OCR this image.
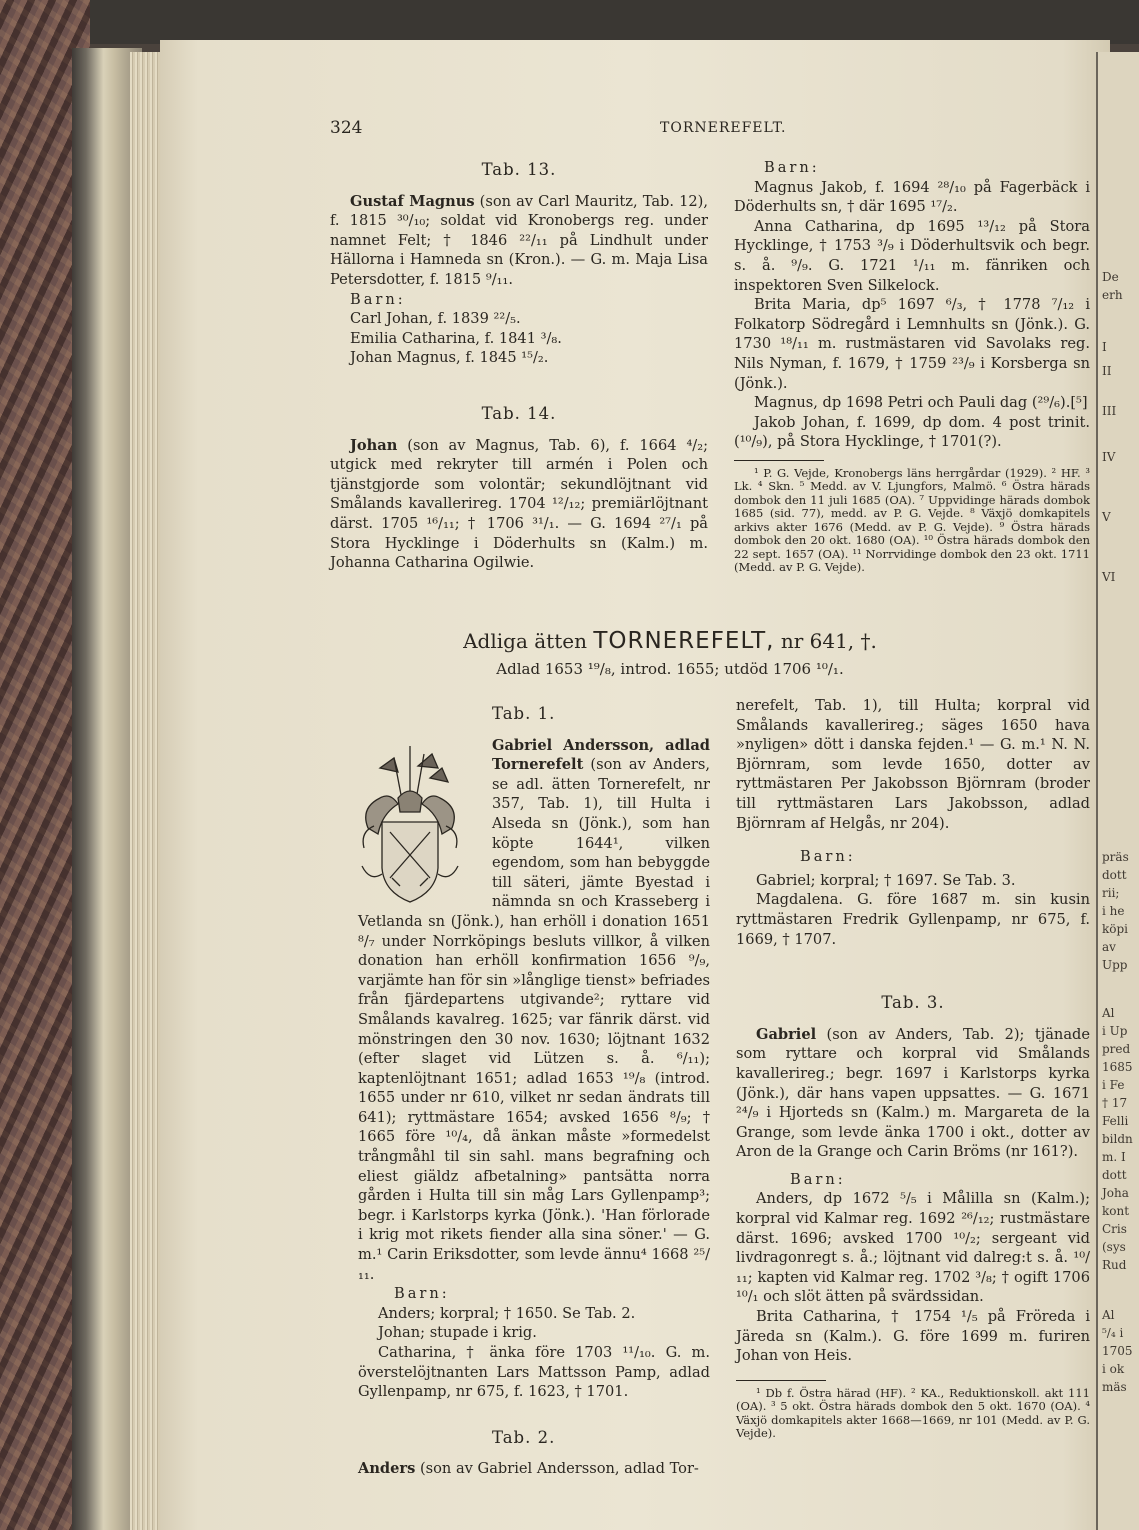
De
erh
I
II
III
IV
V
VI
präs
dott
rii;
i he
köpi
av
Upp
Al
i Up
pred
1685
i Fe
† 17
Felli
bildn
m. I
dott
Joha
kont
Cris
(sys
Rud
Al
⁵/₄ i
1705
i ok
mäs
324	TORNEREFELT.

Tab. 13.

Gustaf Magnus (son av Carl Mauritz, Tab. 12), f. 1815 ³⁰/₁₀; soldat vid Kronobergs reg. under namnet Felt; † 1846 ²²/₁₁ på Lindhult under Hällorna i Hamneda sn (Kron.). — G. m. Maja Lisa Petersdotter, f. 1815 ⁹/₁₁.

Barn:

Carl Johan, f. 1839 ²²/₅.

Emilia Catharina, f. 1841 ³/₈.

Johan Magnus, f. 1845 ¹⁵/₂.

Tab. 14.

Johan (son av Magnus, Tab. 6), f. 1664 ⁴/₂; utgick med rekryter till armén i Polen och tjänstgjorde som volontär; sekundlöjtnant vid Smålands kavallerireg. 1704 ¹²/₁₂; premiärlöjtnant därst. 1705 ¹⁶/₁₁; † 1706 ³¹/₁. — G. 1694 ²⁷/₁ på Stora Hycklinge i Döderhults sn (Kalm.) m. Johanna Catharina Ogilwie.

Barn:

Magnus Jakob, f. 1694 ²⁸/₁₀ på Fagerbäck i Döderhults sn, † där 1695 ¹⁷/₂.

Anna Catharina, dp 1695 ¹³/₁₂ på Stora Hycklinge, † 1753 ³/₉ i Döderhultsvik och begr. s. å. ⁹/₉. G. 1721 ¹/₁₁ m. fänriken och inspektoren Sven Silkelock.

Brita Maria, dp⁵ 1697 ⁶/₃, † 1778 ⁷/₁₂ i Folkatorp Södregård i Lemnhults sn (Jönk.). G. 1730 ¹⁸/₁₁ m. rustmästaren vid Savolaks reg. Nils Nyman, f. 1679, † 1759 ²³/₉ i Korsberga sn (Jönk.).

Magnus, dp 1698 Petri och Pauli dag (²⁹/₆).[⁵]

Jakob Johan, f. 1699, dp dom. 4 post trinit. (¹⁰/₉), på Stora Hycklinge, † 1701(?).

¹ P. G. Vejde, Kronobergs läns herrgårdar (1929). ² HF. ³ Lk. ⁴ Skn. ⁵ Medd. av V. Ljungfors, Malmö. ⁶ Östra härads dombok den 11 juli 1685 (OA). ⁷ Uppvidinge härads dombok 1685 (sid. 77), medd. av P. G. Vejde. ⁸ Växjö domkapitels arkivs akter 1676 (Medd. av P. G. Vejde). ⁹ Östra härads dombok den 20 okt. 1680 (OA). ¹⁰ Östra härads dombok den 22 sept. 1657 (OA). ¹¹ Norrvidinge dombok den 23 okt. 1711 (Medd. av P. G. Vejde).

Adliga ätten TORNEREFELT, nr 641, †.
Adlad 1653 ¹⁹/₈, introd. 1655; utdöd 1706 ¹⁰/₁.

Tab. 1.

Gabriel Andersson, adlad Tornerefelt (son av Anders, se adl. ätten Tornerefelt, nr 357, Tab. 1), till Hulta i Alseda sn (Jönk.), som han köpte 1644¹, vilken egendom, som han bebyggde till säteri, jämte Byestad i nämnda sn och Krasseberg i Vetlanda sn (Jönk.), han erhöll i donation 1651 ⁸/₇ under Norrköpings besluts villkor, å vilken donation han erhöll konfirmation 1656 ⁹/₉, varjämte han för sin »långlige tienst» befriades från fjärdepartens utgivande²; ryttare vid Smålands kavalreg. 1625; var fänrik därst. vid mönstringen den 30 nov. 1630; löjtnant 1632 (efter slaget vid Lützen s. å. ⁶/₁₁); kaptenlöjtnant 1651; adlad 1653 ¹⁹/₈ (introd. 1655 under nr 610, vilket nr sedan ändrats till 641); ryttmästare 1654; avsked 1656 ⁸/₉; † 1665 före ¹⁰/₄, då änkan måste »formedelst trångmåhl til sin sahl. mans begrafning och eliest giäldz afbetalning» pantsätta norra gården i Hulta till sin måg Lars Gyllenpamp³; begr. i Karlstorps kyrka (Jönk.). 'Han förlorade i krig mot rikets fiender alla sina söner.' — G. m.¹ Carin Eriksdotter, som levde ännu⁴ 1668 ²⁵/₁₁.

Barn:

Anders; korpral; † 1650. Se Tab. 2.

Johan; stupade i krig.

Catharina, † änka före 1703 ¹¹/₁₀. G. m. överstelöjtnanten Lars Mattsson Pamp, adlad Gyllenpamp, nr 675, f. 1623, † 1701.

Tab. 2.

Anders (son av Gabriel Andersson, adlad Tor-

nerefelt, Tab. 1), till Hulta; korpral vid Smålands kavallerireg.; säges 1650 hava »nyligen» dött i danska fejden.¹ — G. m.¹ N. N. Björnram, som levde 1650, dotter av ryttmästaren Per Jakobsson Björnram (broder till ryttmästaren Lars Jakobsson, adlad Björnram af Helgås, nr 204).

Barn:

Gabriel; korpral; † 1697. Se Tab. 3.

Magdalena. G. före 1687 m. sin kusin ryttmästaren Fredrik Gyllenpamp, nr 675, f. 1669, † 1707.

Tab. 3.

Gabriel (son av Anders, Tab. 2); tjänade som ryttare och korpral vid Smålands kavallerireg.; begr. 1697 i Karlstorps kyrka (Jönk.), där hans vapen uppsattes. — G. 1671 ²⁴/₉ i Hjorteds sn (Kalm.) m. Margareta de la Grange, som levde änka 1700 i okt., dotter av Aron de la Grange och Carin Bröms (nr 161?).

Barn:

Anders, dp 1672 ⁵/₅ i Målilla sn (Kalm.); korpral vid Kalmar reg. 1692 ²⁶/₁₂; rustmästare därst. 1696; avsked 1700 ¹⁰/₂; sergeant vid livdragonregt s. å.; löjtnant vid dalreg:t s. å. ¹⁰/₁₁; kapten vid Kalmar reg. 1702 ³/₈; † ogift 1706 ¹⁰/₁ och slöt ätten på svärdssidan.

Brita Catharina, † 1754 ¹/₅ på Fröreda i Järeda sn (Kalm.). G. före 1699 m. furiren Johan von Heis.

¹ Db f. Östra härad (HF). ² KA., Reduktionskoll. akt 111 (OA). ³ 5 okt. Östra härads dombok den 5 okt. 1670 (OA). ⁴ Växjö domkapitels akter 1668—1669, nr 101 (Medd. av P. G. Vejde).
